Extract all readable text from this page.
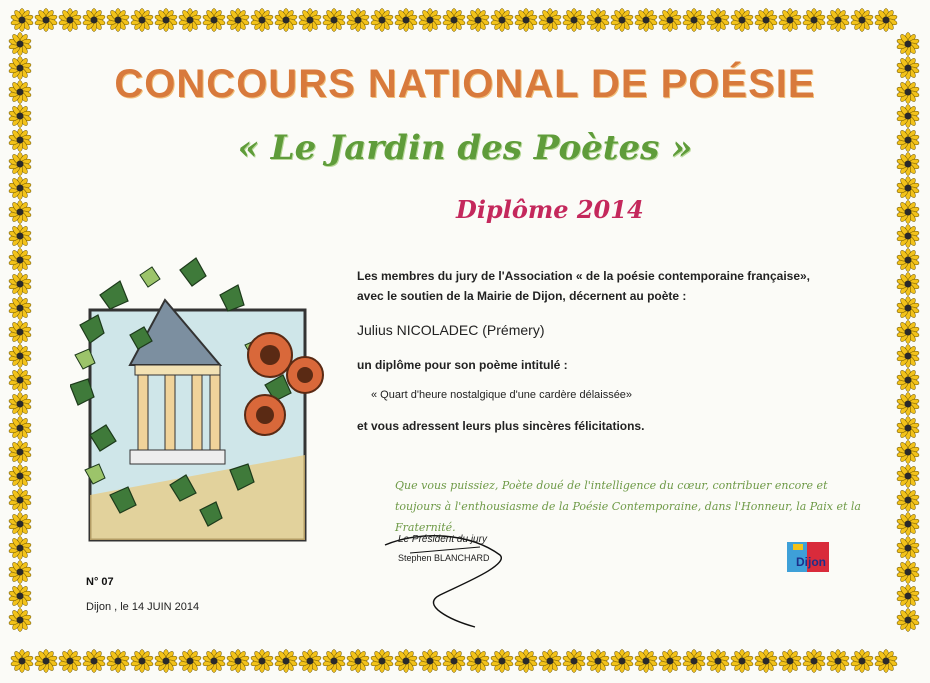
CONCOURS NATIONAL DE POÉSIE
« Le Jardin des Poètes »
Diplôme 2014
Les membres du jury de l'Association « de la poésie contemporaine française», avec le soutien de la Mairie de Dijon, décernent au poète :
Julius NICOLADEC (Prémery)
un diplôme pour son poème intitulé :
« Quart d'heure nostalgique d'une cardère délaissée»
et vous adressent leurs plus sincères félicitations.
Que vous puissiez, Poète doué de l'intelligence du cœur, contribuer encore et toujours à l'enthousiasme de la Poésie Contemporaine, dans l'Honneur, la Paix et la Fraternité.
Le Président du jury
Stephen BLANCHARD
N° 07
Dijon , le 14 JUIN 2014
Dijon
